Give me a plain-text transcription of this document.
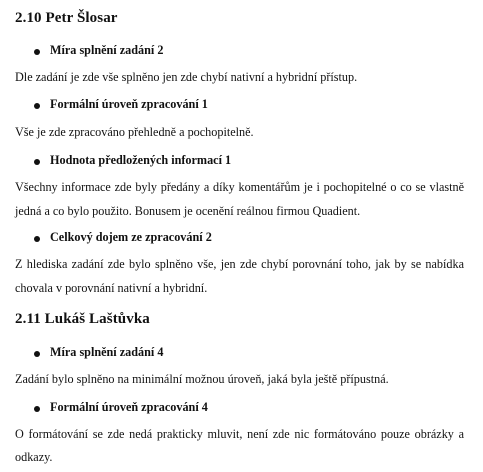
2.10 Petr Šlosar
Míra splnění zadání 2
Dle zadání je zde vše splněno jen zde chybí nativní a hybridní přístup.
Formální úroveň zpracování 1
Vše je zde zpracováno přehledně a pochopitelně.
Hodnota předložených informací 1
Všechny informace zde byly předány a díky komentářům je i pochopitelné o co se vlastně
jedná a co bylo použito. Bonusem je ocenění reálnou firmou Quadient.
Celkový dojem ze zpracování 2
Z hlediska zadání zde bylo splněno vše, jen zde chybí porovnání toho, jak by se nabídka
chovala v porovnání nativní a hybridní.
2.11 Lukáš Laštůvka
Míra splnění zadání 4
Zadání bylo splněno na minimální možnou úroveň, jaká byla ještě přípustná.
Formální úroveň zpracování 4
O formátování se zde nedá prakticky mluvit, není zde nic formátováno pouze obrázky a
odkazy.
